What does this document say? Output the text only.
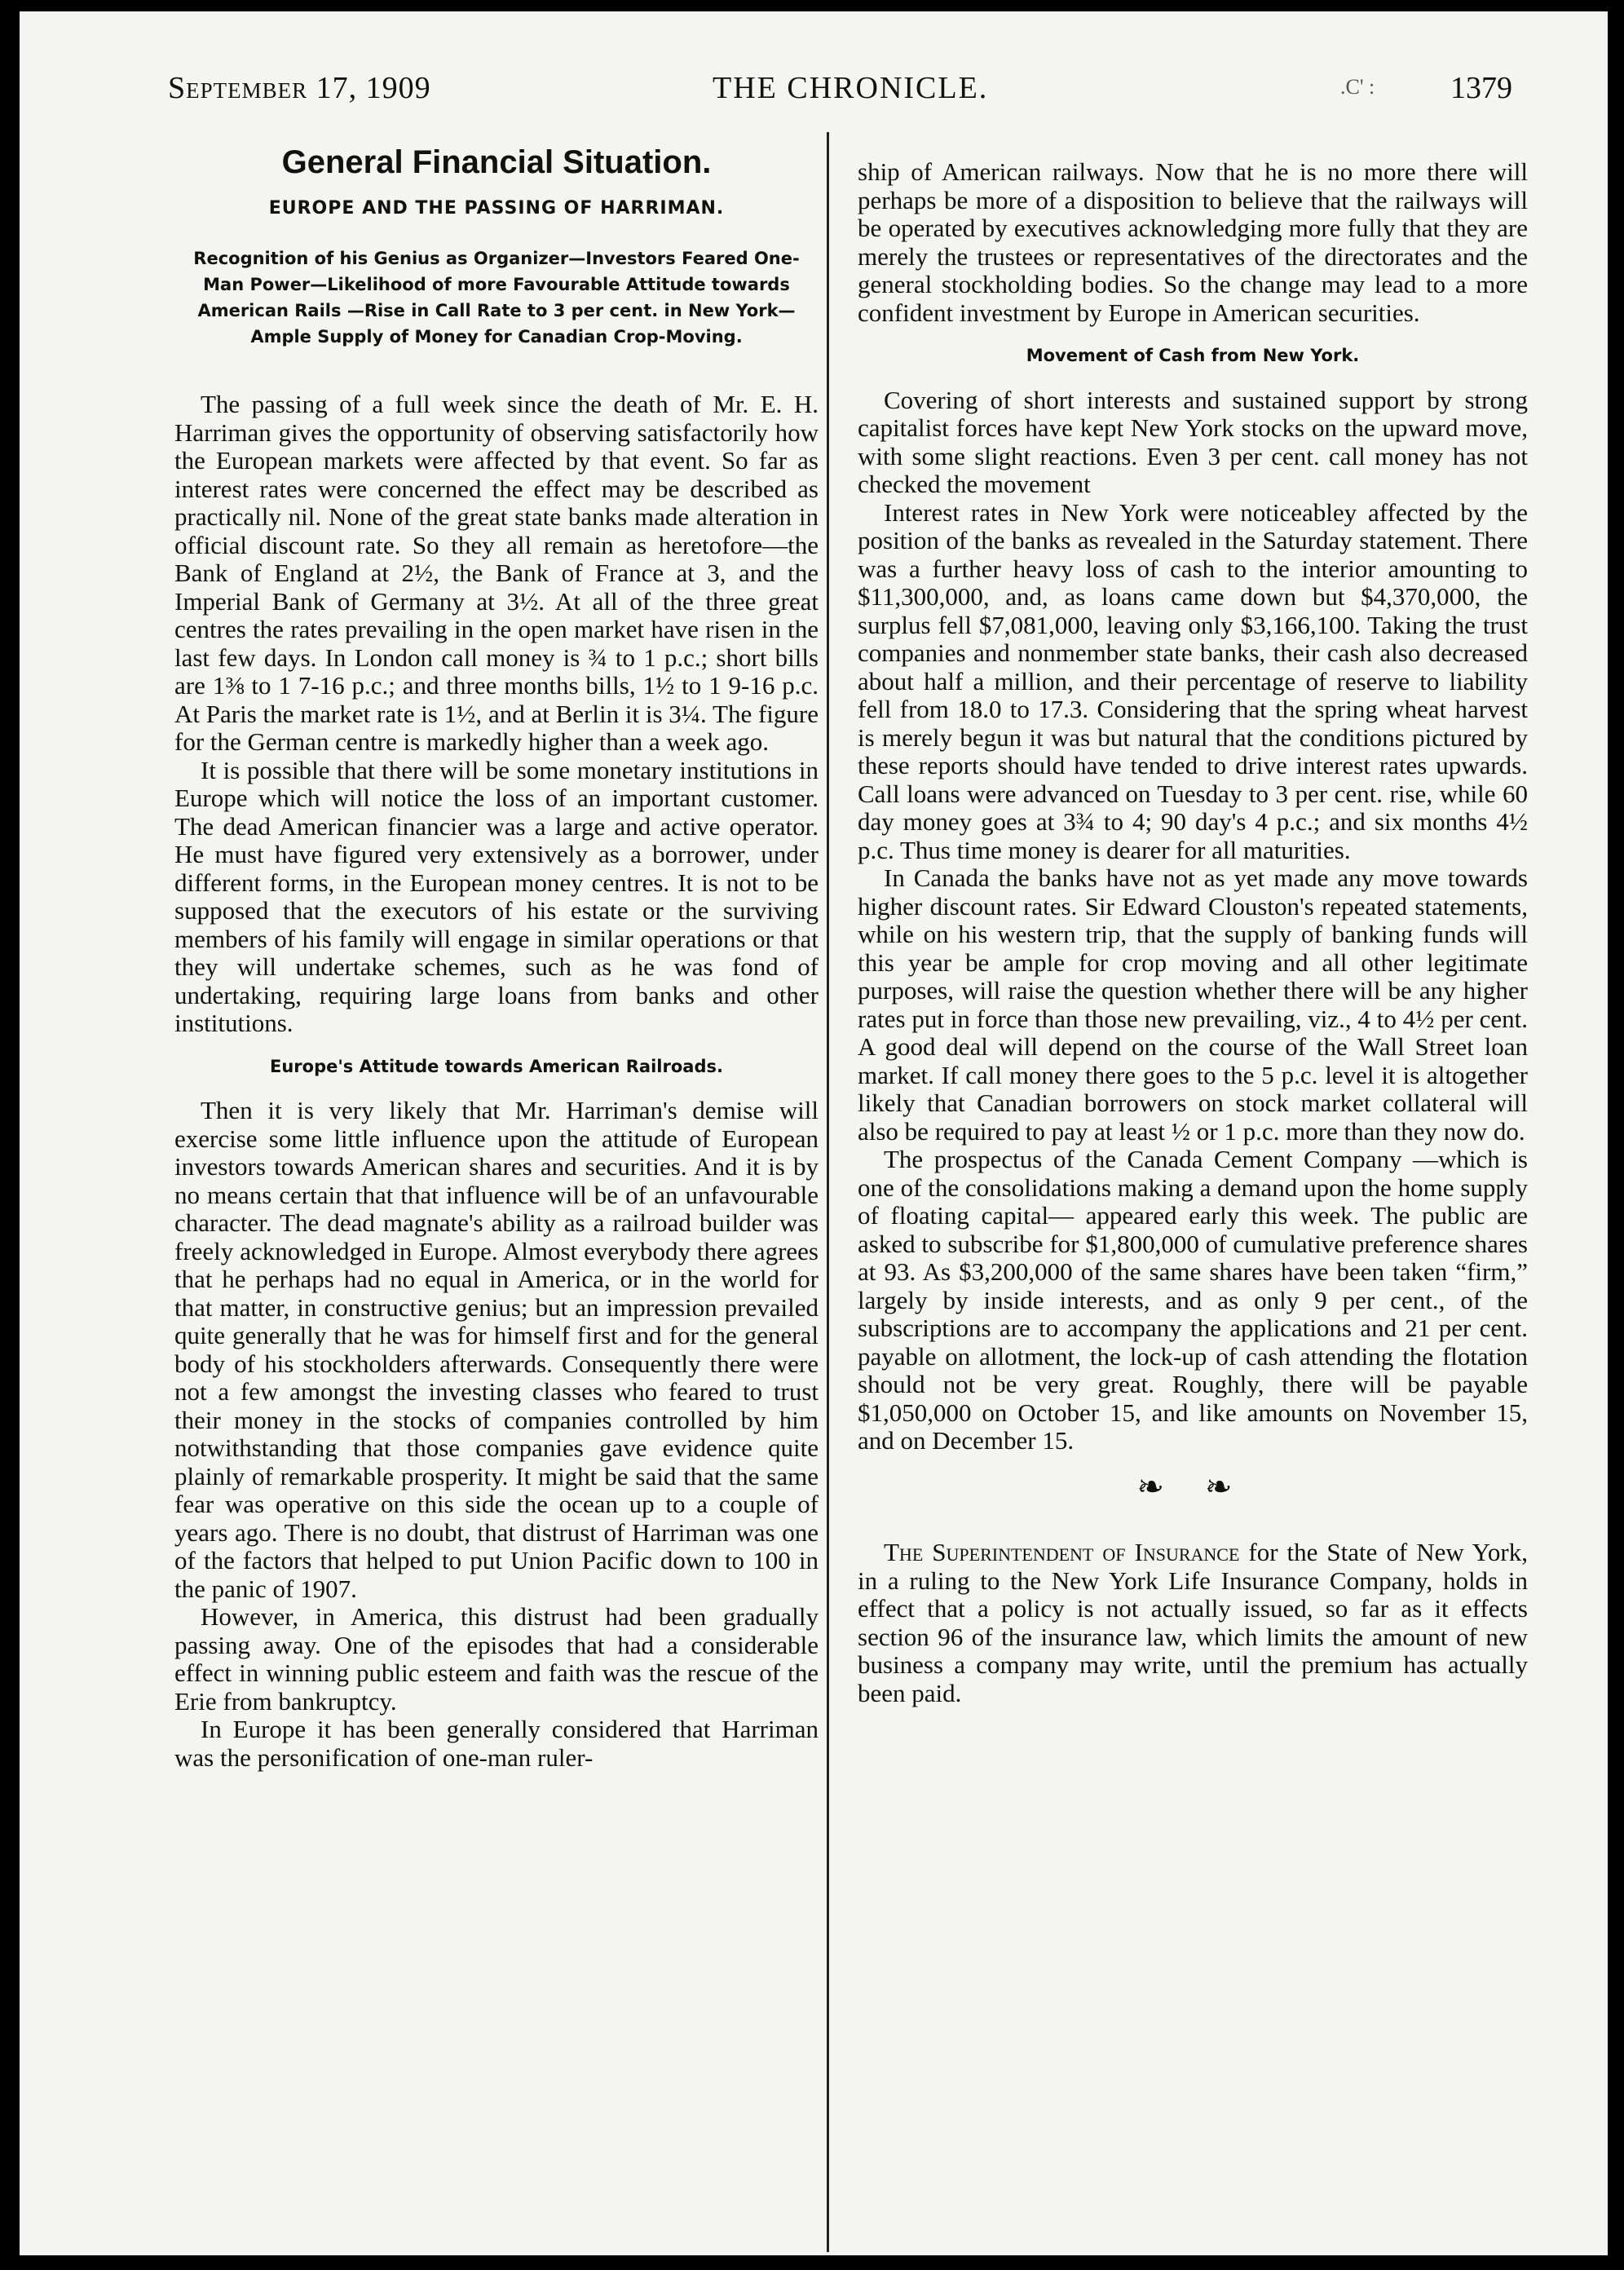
September 17, 1909	THE CHRONICLE.	.C' : 1379
General Financial Situation.
EUROPE AND THE PASSING OF HARRIMAN.
Recognition of his Genius as Organizer—Investors Feared One-Man Power—Likelihood of more Favourable Attitude towards American Rails —Rise in Call Rate to 3 per cent. in New York—Ample Supply of Money for Canadian Crop-Moving.

The passing of a full week since the death of Mr. E. H. Harriman gives the opportunity of observing satisfactorily how the European markets were affected by that event. So far as interest rates were concerned the effect may be described as practically nil. None of the great state banks made alteration in official discount rate. So they all remain as heretofore—the Bank of England at 2½, the Bank of France at 3, and the Imperial Bank of Germany at 3½. At all of the three great centres the rates prevailing in the open market have risen in the last few days. In London call money is ¾ to 1 p.c.; short bills are 1⅜ to 1 7-16 p.c.; and three months bills, 1½ to 1 9-16 p.c. At Paris the market rate is 1½, and at Berlin it is 3¼. The figure for the German centre is markedly higher than a week ago.

It is possible that there will be some monetary institutions in Europe which will notice the loss of an important customer. The dead American financier was a large and active operator. He must have figured very extensively as a borrower, under different forms, in the European money centres. It is not to be supposed that the executors of his estate or the surviving members of his family will engage in similar operations or that they will undertake schemes, such as he was fond of undertaking, requiring large loans from banks and other institutions.

Europe's Attitude towards American Railroads.

Then it is very likely that Mr. Harriman's demise will exercise some little influence upon the attitude of European investors towards American shares and securities. And it is by no means certain that that influence will be of an unfavourable character. The dead magnate's ability as a railroad builder was freely acknowledged in Europe. Almost everybody there agrees that he perhaps had no equal in America, or in the world for that matter, in constructive genius; but an impression prevailed quite generally that he was for himself first and for the general body of his stockholders afterwards. Consequently there were not a few amongst the investing classes who feared to trust their money in the stocks of companies controlled by him notwithstanding that those companies gave evidence quite plainly of remarkable prosperity. It might be said that the same fear was operative on this side the ocean up to a couple of years ago. There is no doubt, that distrust of Harriman was one of the factors that helped to put Union Pacific down to 100 in the panic of 1907.

However, in America, this distrust had been gradually passing away. One of the episodes that had a considerable effect in winning public esteem and faith was the rescue of the Erie from bankruptcy.

In Europe it has been generally considered that Harriman was the personification of one-man ruler-

ship of American railways. Now that he is no more there will perhaps be more of a disposition to believe that the railways will be operated by executives acknowledging more fully that they are merely the trustees or representatives of the directorates and the general stockholding bodies. So the change may lead to a more confident investment by Europe in American securities.

Movement of Cash from New York.

Covering of short interests and sustained support by strong capitalist forces have kept New York stocks on the upward move, with some slight reactions. Even 3 per cent. call money has not checked the movement

Interest rates in New York were noticeabley affected by the position of the banks as revealed in the Saturday statement. There was a further heavy loss of cash to the interior amounting to $11,300,000, and, as loans came down but $4,370,000, the surplus fell $7,081,000, leaving only $3,166,100. Taking the trust companies and nonmember state banks, their cash also decreased about half a million, and their percentage of reserve to liability fell from 18.0 to 17.3. Considering that the spring wheat harvest is merely begun it was but natural that the conditions pictured by these reports should have tended to drive interest rates upwards. Call loans were advanced on Tuesday to 3 per cent. rise, while 60 day money goes at 3¾ to 4; 90 day's 4 p.c.; and six months 4½ p.c. Thus time money is dearer for all maturities.

In Canada the banks have not as yet made any move towards higher discount rates. Sir Edward Clouston's repeated statements, while on his western trip, that the supply of banking funds will this year be ample for crop moving and all other legitimate purposes, will raise the question whether there will be any higher rates put in force than those new prevailing, viz., 4 to 4½ per cent. A good deal will depend on the course of the Wall Street loan market. If call money there goes to the 5 p.c. level it is altogether likely that Canadian borrowers on stock market collateral will also be required to pay at least ½ or 1 p.c. more than they now do.

The prospectus of the Canada Cement Company —which is one of the consolidations making a demand upon the home supply of floating capital— appeared early this week. The public are asked to subscribe for $1,800,000 of cumulative preference shares at 93. As $3,200,000 of the same shares have been taken “firm,” largely by inside interests, and as only 9 per cent., of the subscriptions are to accompany the applications and 21 per cent. payable on allotment, the lock-up of cash attending the flotation should not be very great. Roughly, there will be payable $1,050,000 on October 15, and like amounts on November 15, and on December 15.

❧ ❧

The Superintendent of Insurance for the State of New York, in a ruling to the New York Life Insurance Company, holds in effect that a policy is not actually issued, so far as it effects section 96 of the insurance law, which limits the amount of new business a company may write, until the premium has actually been paid.
